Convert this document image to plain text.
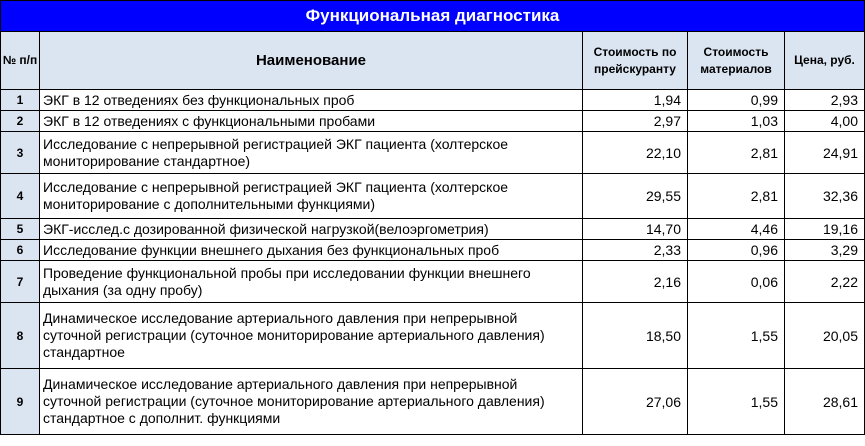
Функциональная диагностика				
№ п/п	Наименование	Стоимость по прейскуранту	Стоимость материалов	Цена, руб.
1	ЭКГ в 12 отведениях без функциональных проб	1,94	0,99	2,93
2	ЭКГ в 12 отведениях с функциональными пробами	2,97	1,03	4,00
3	Исследование с непрерывной регистрацией ЭКГ пациента (холтерское мониторирование стандартное)	22,10	2,81	24,91
4	Исследование с непрерывной регистрацией ЭКГ пациента (холтерское мониторирование с дополнительными функциями)	29,55	2,81	32,36
5	ЭКГ-исслед.с дозированной физической нагрузкой(велоэргометрия)	14,70	4,46	19,16
6	Исследование функции внешнего дыхания без функциональных проб	2,33	0,96	3,29
7	Проведение функциональной пробы при исследовании функции внешнего дыхания (за одну пробу)	2,16	0,06	2,22
8	Динамическое исследование артериального давления при непрерывной суточной регистрации (суточное мониторирование артериального давления) стандартное	18,50	1,55	20,05
9	Динамическое исследование артериального давления при непрерывной суточной регистрации (суточное мониторирование артериального давления) стандартное с дополнит. функциями	27,06	1,55	28,61
